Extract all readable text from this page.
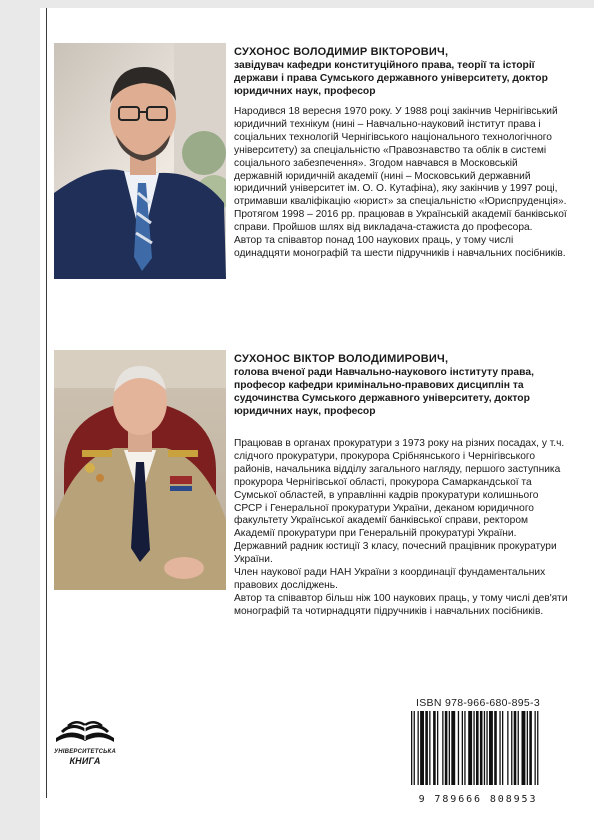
СУХОНОС ВОЛОДИМИР ВІКТОРОВИЧ,
завідувач кафедри конституційного права, теорії та історії держави і права Сумського державного університету, доктор юридичних наук, професор

Народився 18 вересня 1970 року. У 1988 році закінчив Чернігівський юридичний технікум (нині – Навчально-науковий інститут права і соціальних технологій Чернігівського національного технологічного університету) за спеціальністю «Правознавство та облік в системі соціального забезпечення». Згодом навчався в Московській державній юридичній академії (нині – Московський державний юридичний університет ім. О. О. Кутафіна), яку закінчив у 1997 році, отримавши кваліфікацію «юрист» за спеціальністю «Юриспруденція». Протягом 1998 – 2016 рр. працював в Українській академії банківської справи. Пройшов шлях від викладача-стажиста до професора.

Автор та співавтор понад 100 наукових праць, у тому числі одинадцяти монографій та шести підручників і навчальних посібників.

СУХОНОС ВІКТОР ВОЛОДИМИРОВИЧ,
голова вченої ради Навчально-наукового інституту права, професор кафедри кримінально-правових дисциплін та судочинства Сумського державного університету, доктор юридичних наук, професор

Працював в органах прокуратури з 1973 року на різних посадах, у т.ч. слідчого прокуратури, прокурора Срібнянського і Чернігівського районів, начальника відділу загального нагляду, першого заступника прокурора Чернігівської області, прокурора Самаркандської та Сумської областей, в управлінні кадрів прокуратури колишнього СРСР і Генеральної прокуратури України, деканом юридичного факультету Української академії банківської справи, ректором Академії прокуратури при Генеральній прокуратурі України.

Державний радник юстиції 3 класу, почесний працівник прокуратури України.

Член наукової ради НАН України з координації фундаментальних правових досліджень.

Автор та співавтор більш ніж 100 наукових праць, у тому числі дев'яти монографій та чотирнадцяти підручників і навчальних посібників.

УНІВЕРСИТЕТСЬКА
КНИГА
ISBN 978-966-680-895-3
9 789666 808953
